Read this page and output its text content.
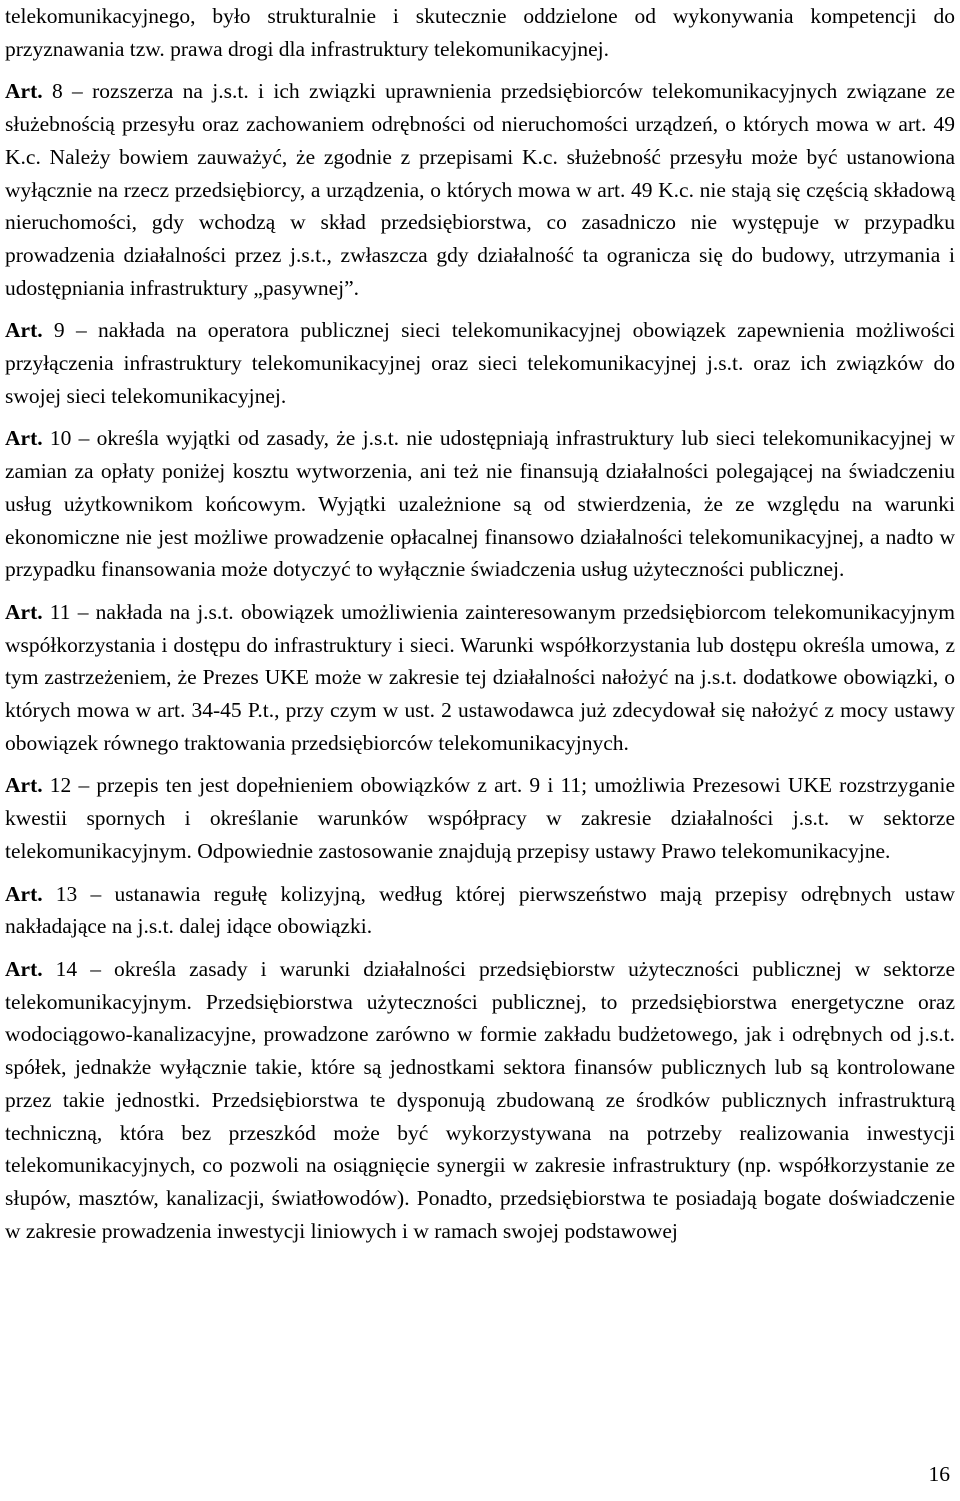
telekomunikacyjnego, było strukturalnie i skutecznie oddzielone od wykonywania kompetencji do przyznawania tzw. prawa drogi dla infrastruktury telekomunikacyjnej.

Art. 8 – rozszerza na j.s.t. i ich związki uprawnienia przedsiębiorców telekomunikacyjnych związane ze służebnością przesyłu oraz zachowaniem odrębności od nieruchomości urządzeń, o których mowa w art. 49 K.c. Należy bowiem zauważyć, że zgodnie z przepisami K.c. służebność przesyłu może być ustanowiona wyłącznie na rzecz przedsiębiorcy, a urządzenia, o których mowa w art. 49 K.c. nie stają się częścią składową nieruchomości, gdy wchodzą w skład przedsiębiorstwa, co zasadniczo nie występuje w przypadku prowadzenia działalności przez j.s.t., zwłaszcza gdy działalność ta ogranicza się do budowy, utrzymania i udostępniania infrastruktury „pasywnej”.

Art. 9 – nakłada na operatora publicznej sieci telekomunikacyjnej obowiązek zapewnienia możliwości przyłączenia infrastruktury telekomunikacyjnej oraz sieci telekomunikacyjnej j.s.t. oraz ich związków do swojej sieci telekomunikacyjnej.

Art. 10 – określa wyjątki od zasady, że j.s.t. nie udostępniają infrastruktury lub sieci telekomunikacyjnej w zamian za opłaty poniżej kosztu wytworzenia, ani też nie finansują działalności polegającej na świadczeniu usług użytkownikom końcowym. Wyjątki uzależnione są od stwierdzenia, że ze względu na warunki ekonomiczne nie jest możliwe prowadzenie opłacalnej finansowo działalności telekomunikacyjnej, a nadto w przypadku finansowania może dotyczyć to wyłącznie świadczenia usług użyteczności publicznej.

Art. 11 – nakłada na j.s.t. obowiązek umożliwienia zainteresowanym przedsiębiorcom telekomunikacyjnym współkorzystania i dostępu do infrastruktury i sieci. Warunki współkorzystania lub dostępu określa umowa, z tym zastrzeżeniem, że Prezes UKE może w zakresie tej działalności nałożyć na j.s.t. dodatkowe obowiązki, o których mowa w art. 34-45 P.t., przy czym w ust. 2 ustawodawca już zdecydował się nałożyć z mocy ustawy obowiązek równego traktowania przedsiębiorców telekomunikacyjnych.

Art. 12 – przepis ten jest dopełnieniem obowiązków z art. 9 i 11; umożliwia Prezesowi UKE rozstrzyganie kwestii spornych i określanie warunków współpracy w zakresie działalności j.s.t. w sektorze telekomunikacyjnym. Odpowiednie zastosowanie znajdują przepisy ustawy Prawo telekomunikacyjne.

Art. 13 – ustanawia regułę kolizyjną, według której pierwszeństwo mają przepisy odrębnych ustaw nakładające na j.s.t. dalej idące obowiązki.

Art. 14 – określa zasady i warunki działalności przedsiębiorstw użyteczności publicznej w sektorze telekomunikacyjnym. Przedsiębiorstwa użyteczności publicznej, to przedsiębiorstwa energetyczne oraz wodociągowo-kanalizacyjne, prowadzone zarówno w formie zakładu budżetowego, jak i odrębnych od j.s.t. spółek, jednakże wyłącznie takie, które są jednostkami sektora finansów publicznych lub są kontrolowane przez takie jednostki. Przedsiębiorstwa te dysponują zbudowaną ze środków publicznych infrastrukturą techniczną, która bez przeszkód może być wykorzystywana na potrzeby realizowania inwestycji telekomunikacyjnych, co pozwoli na osiągnięcie synergii w zakresie infrastruktury (np. współkorzystanie ze słupów, masztów, kanalizacji, światłowodów). Ponadto, przedsiębiorstwa te posiadają bogate doświadczenie w zakresie prowadzenia inwestycji liniowych i w ramach swojej podstawowej

16
